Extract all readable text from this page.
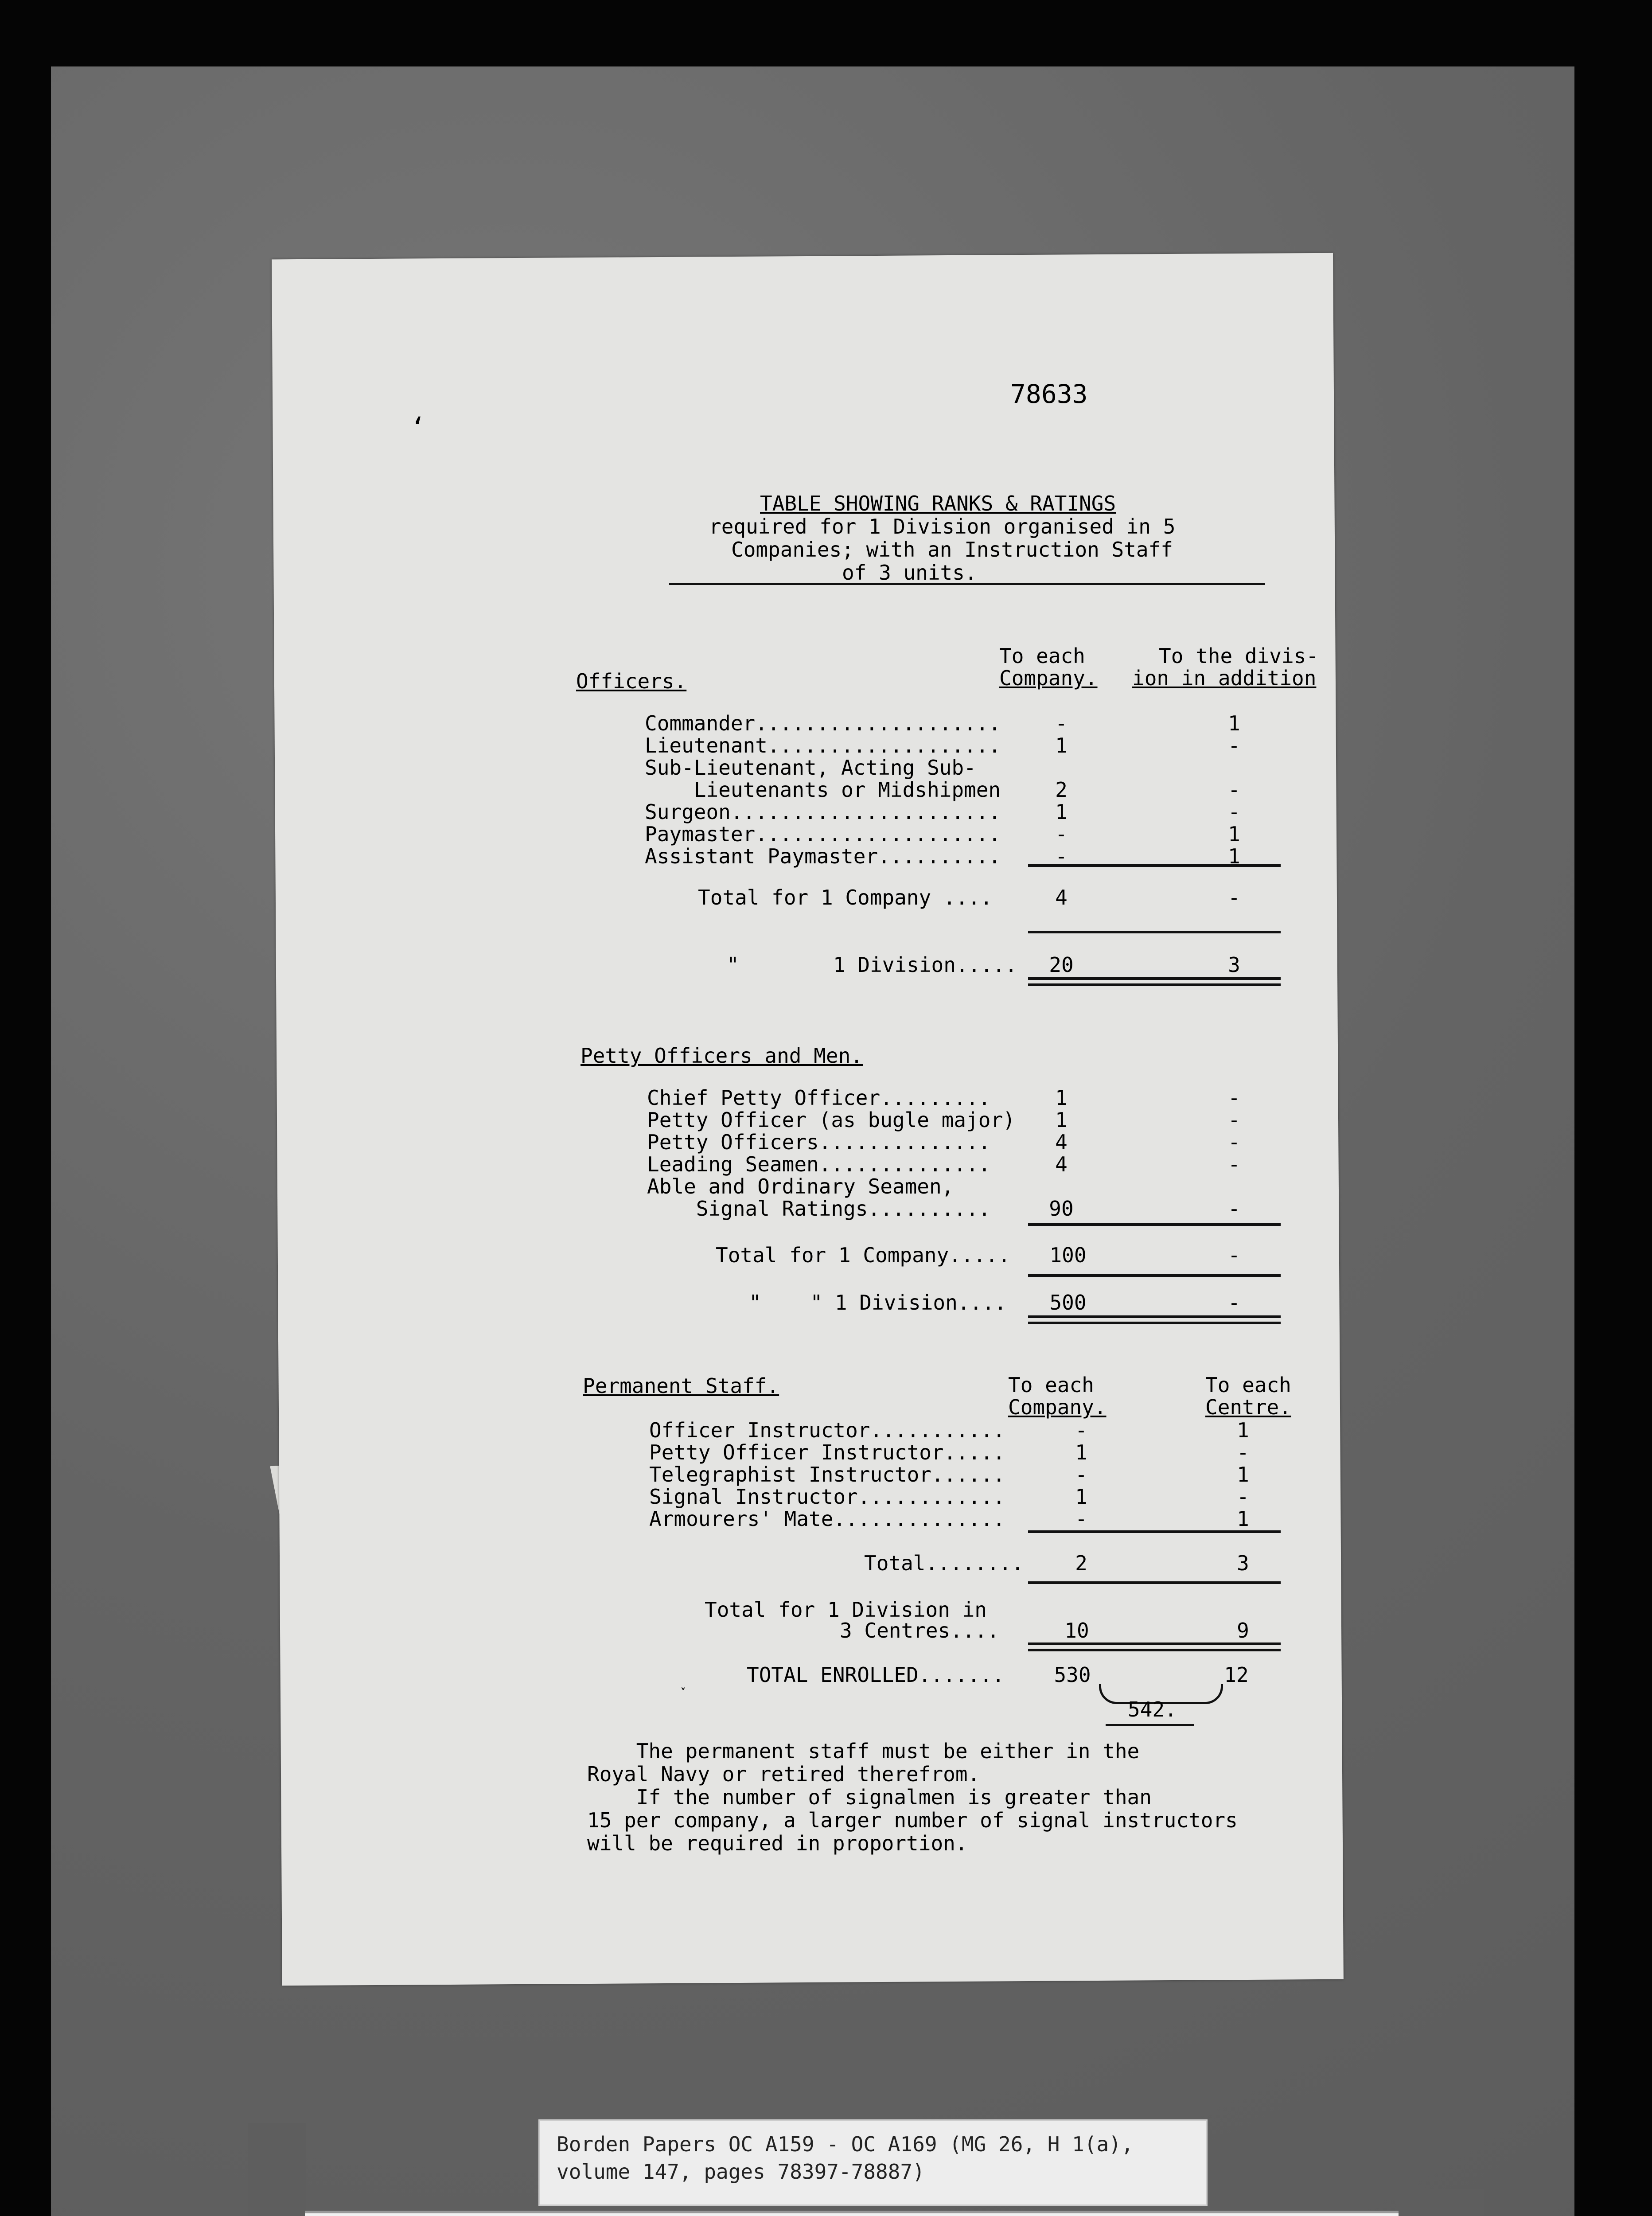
78633
ʻ
TABLE SHOWING RANKS & RATINGS
required for 1 Division organised in 5
Companies; with an Instruction Staff
of 3 units.
Officers.
To each
Company.
To the divis-
ion in addition
Commander....................	-	1
Lieutenant...................	1	-
Sub-Lieutenant, Acting Sub-
Lieutenants or Midshipmen	2	-
Surgeon......................	1	-
Paymaster....................	-	1
Assistant Paymaster..........	-	1
Total for 1 Company ....	4	-
"	1 Division.....	20	3
Petty Officers and Men.
Chief Petty Officer.........	1	-
Petty Officer (as bugle major)	1	-
Petty Officers..............	4	-
Leading Seamen..............	4	-
Able and Ordinary Seamen,
Signal Ratings..........	90	-
Total for 1 Company..... 100	-
"    " 1 Division.... 500	-
Permanent Staff.	To each
Company.
To each
Centre.
Officer Instructor...........	-	1
Petty Officer Instructor.....	1	-
Telegraphist Instructor......	-	1
Signal Instructor............	1	-
Armourers' Mate..............	-	1
Total........	2	3
Total for 1 Division in
3 Centres....	10	9
˯	TOTAL ENROLLED....... 530	12
542.
The permanent staff must be either in the
Royal Navy or retired therefrom.
If the number of signalmen is greater than
15 per company, a larger number of signal instructors
will be required in proportion.
Borden Papers OC A159 - OC A169 (MG 26, H 1(a),
volume 147, pages 78397-78887)
